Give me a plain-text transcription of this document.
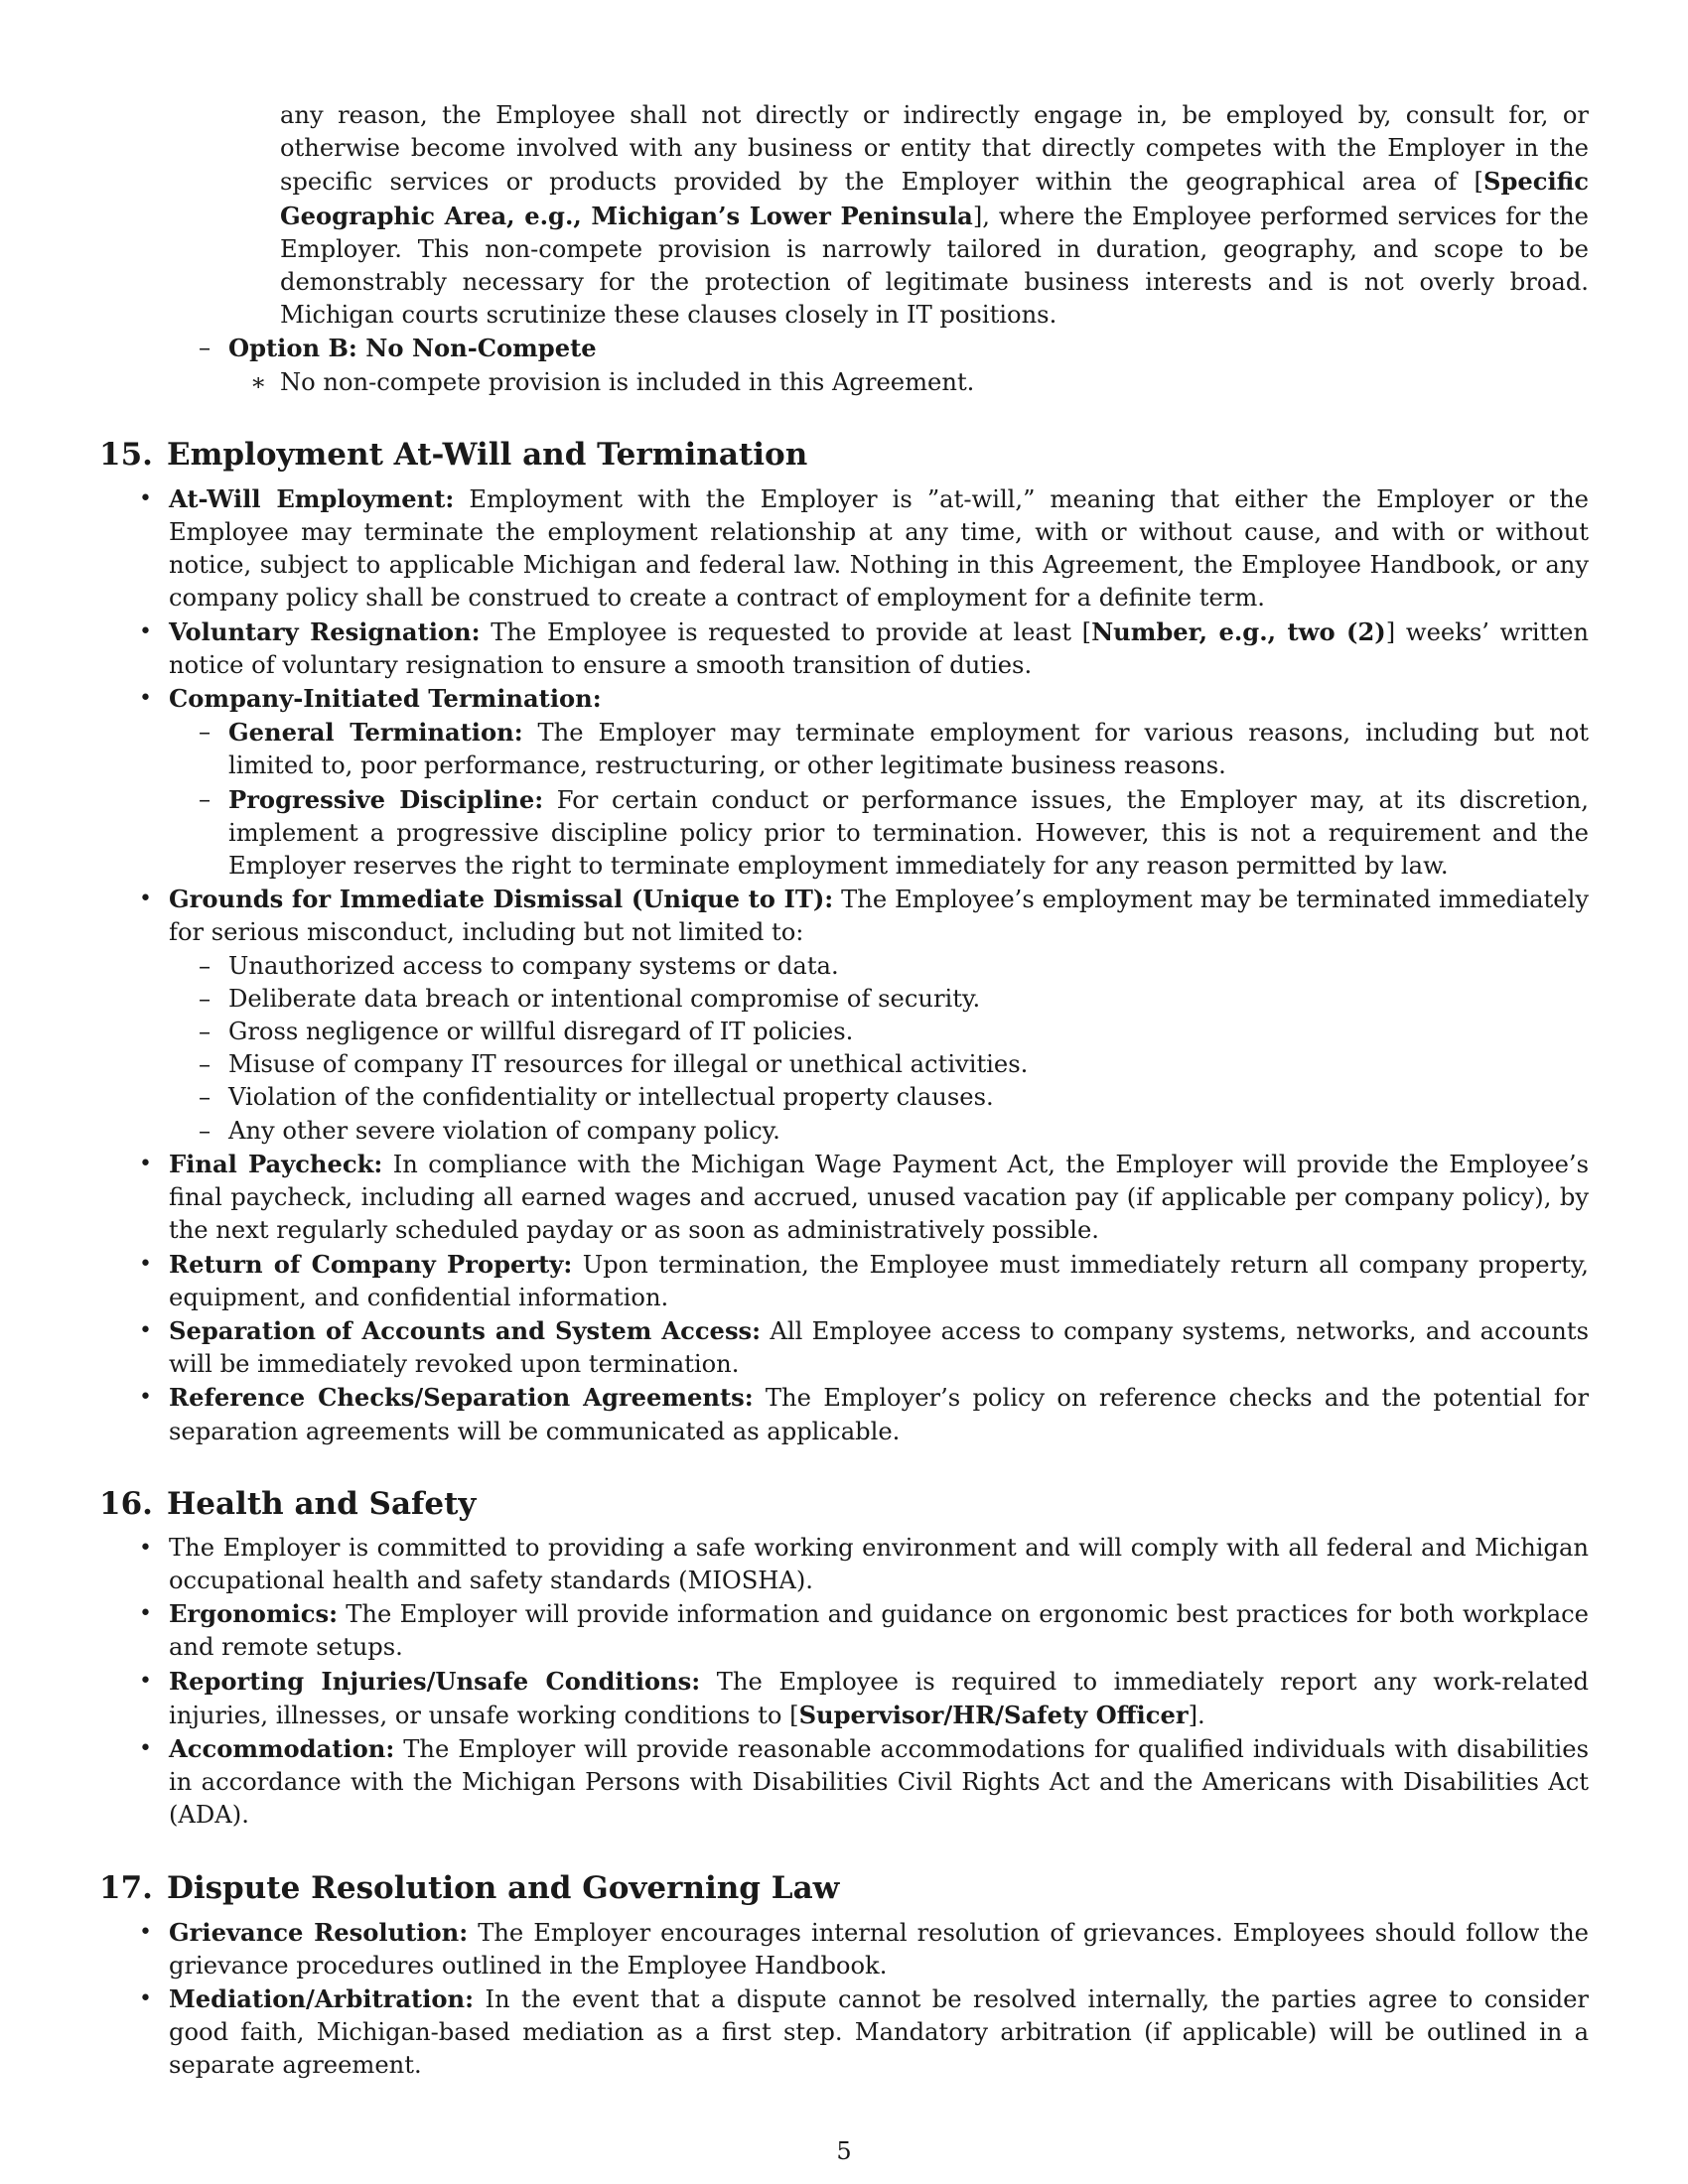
any reason, the Employee shall not directly or indirectly engage in, be employed by, consult for, or otherwise become involved with any business or entity that directly competes with the Employer in the specific services or products provided by the Employer within the geographical area of [Specific Geographic Area, e.g., Michigan’s Lower Peninsula], where the Employee performed services for the Employer. This non-compete provision is narrowly tailored in duration, geography, and scope to be demonstrably necessary for the protection of legitimate business interests and is not overly broad. Michigan courts scrutinize these clauses closely in IT positions.

– Option B: No Non-Compete
∗ No non-compete provision is included in this Agreement.
15. Employment At-Will and Termination
• At-Will Employment: Employment with the Employer is ”at-will,” meaning that either the Employer or the Employee may terminate the employment relationship at any time, with or without cause, and with or without notice, subject to applicable Michigan and federal law. Nothing in this Agreement, the Employee Handbook, or any company policy shall be construed to create a contract of employment for a definite term.
• Voluntary Resignation: The Employee is requested to provide at least [Number, e.g., two (2)] weeks’ written notice of voluntary resignation to ensure a smooth transition of duties.
• Company-Initiated Termination:
– General Termination: The Employer may terminate employment for various reasons, including but not limited to, poor performance, restructuring, or other legitimate business reasons.
– Progressive Discipline: For certain conduct or performance issues, the Employer may, at its discretion, implement a progressive discipline policy prior to termination. However, this is not a requirement and the Employer reserves the right to terminate employment immediately for any reason permitted by law.
• Grounds for Immediate Dismissal (Unique to IT): The Employee’s employment may be terminated immediately for serious misconduct, including but not limited to:
– Unauthorized access to company systems or data.
– Deliberate data breach or intentional compromise of security.
– Gross negligence or willful disregard of IT policies.
– Misuse of company IT resources for illegal or unethical activities.
– Violation of the confidentiality or intellectual property clauses.
– Any other severe violation of company policy.
• Final Paycheck: In compliance with the Michigan Wage Payment Act, the Employer will provide the Employee’s final paycheck, including all earned wages and accrued, unused vacation pay (if applicable per company policy), by the next regularly scheduled payday or as soon as administratively possible.
• Return of Company Property: Upon termination, the Employee must immediately return all company property, equipment, and confidential information.
• Separation of Accounts and System Access: All Employee access to company systems, networks, and accounts will be immediately revoked upon termination.
• Reference Checks/Separation Agreements: The Employer’s policy on reference checks and the potential for separation agreements will be communicated as applicable.
16. Health and Safety
• The Employer is committed to providing a safe working environment and will comply with all federal and Michigan occupational health and safety standards (MIOSHA).
• Ergonomics: The Employer will provide information and guidance on ergonomic best practices for both workplace and remote setups.
• Reporting Injuries/Unsafe Conditions: The Employee is required to immediately report any work-related injuries, illnesses, or unsafe working conditions to [Supervisor/HR/Safety Officer].
• Accommodation: The Employer will provide reasonable accommodations for qualified individuals with disabilities in accordance with the Michigan Persons with Disabilities Civil Rights Act and the Americans with Disabilities Act (ADA).
17. Dispute Resolution and Governing Law
• Grievance Resolution: The Employer encourages internal resolution of grievances. Employees should follow the grievance procedures outlined in the Employee Handbook.
• Mediation/Arbitration: In the event that a dispute cannot be resolved internally, the parties agree to consider good faith, Michigan-based mediation as a first step. Mandatory arbitration (if applicable) will be outlined in a separate agreement.
5
